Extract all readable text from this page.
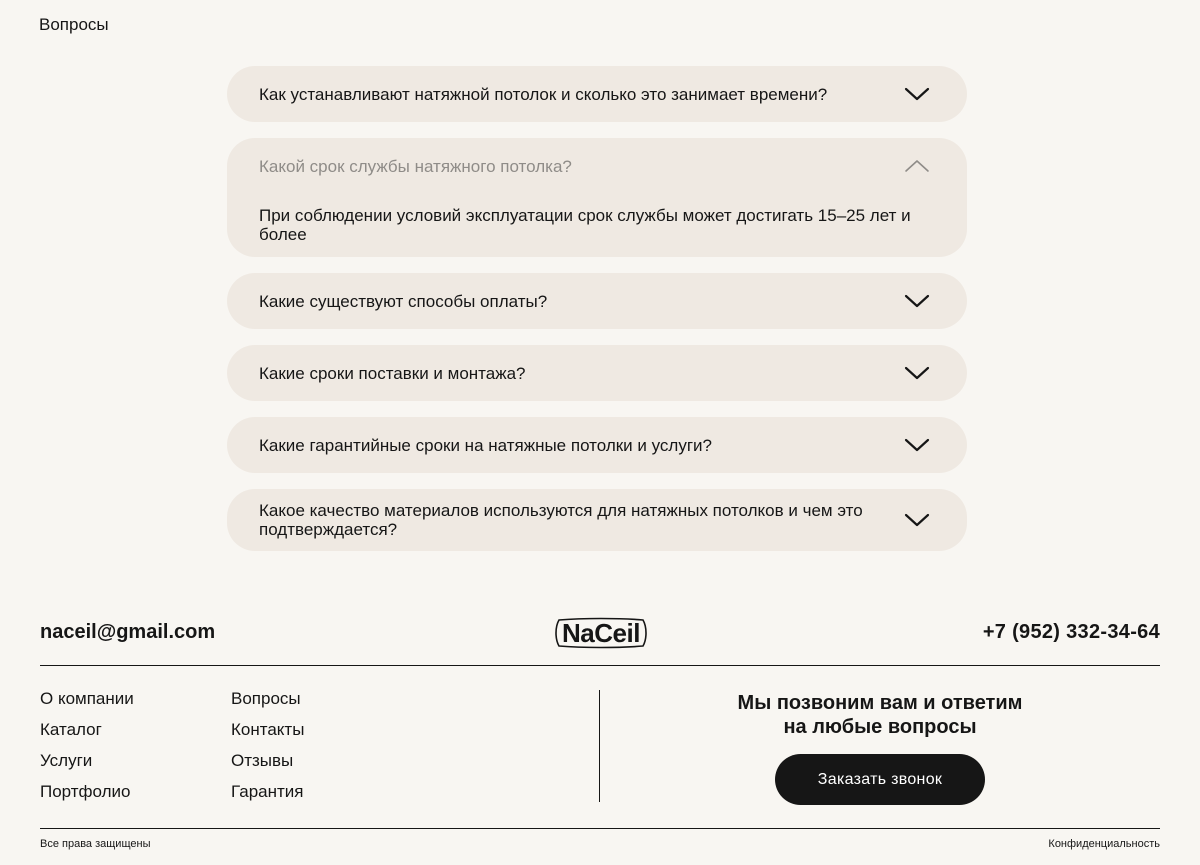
Вопросы
Как устанавливают натяжной потолок и сколько это занимает времени?
Какой срок службы натяжного потолка?
При соблюдении условий эксплуатации срок службы может достигать 15–25 лет и более
Какие существуют способы оплаты?
Какие сроки поставки и монтажа?
Какие гарантийные сроки на натяжные потолки и услуги?
Какое качество материалов используются для натяжных потолков и чем это подтверждается?
naceil@gmail.com	NaCeil	+7 (952) 332-34-64
О компании
Каталог
Услуги
Портфолио
Вопросы
Контакты
Отзывы
Гарантия
Мы позвоним вам и ответим
на любые вопросы
Заказать звонок
Все права защищены	Конфиденциальность
